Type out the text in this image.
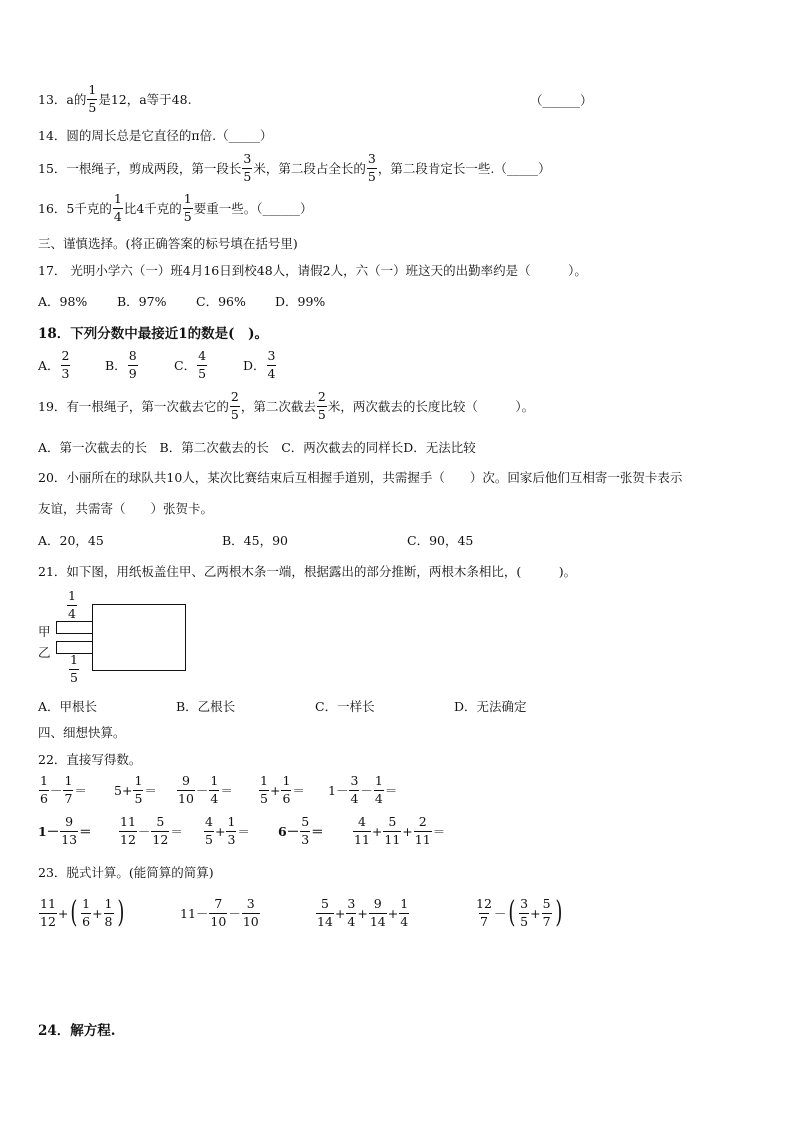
13． a的 $\frac{1}{5}$ 是12，a等于48.	（______）
14．圆的周长总是它直径的π倍.（_____）
15．一根绳子，剪成两段，第一段长 $\frac{3}{5}$ 米，第二段占全长的 $\frac{3}{5}$ ，第二段肯定长一些.（_____）
16．5千克的 $\frac{1}{4}$ 比4千克的 $\frac{1}{5}$ 要重一些。（______）
三、谨慎选择。(将正确答案的标号填在括号里)
17． 光明小学六（一）班4月16日到校48人，请假2人，六（一）班这天的出勤率约是（　　　）。
A．98% B．97% C．96% D．99%
18．下列分数中最接近1的数是(　)。
A． $\frac{2}{3}$	B． $\frac{8}{9}$	C． $\frac{4}{5}$	D． $\frac{3}{4}$
19．有一根绳子，第一次截去它的 $\frac{2}{5}$ ，第二次截去 $\frac{2}{5}$ 米，两次截去的长度比较（　　　）。
A．第一次截去的长　B．第二次截去的长　C．两次截去的同样长D．无法比较
20．小丽所在的球队共10人，某次比赛结束后互相握手道别，共需握手（　　）次。回家后他们互相寄一张贺卡表示
友谊，共需寄（　　）张贺卡。
A．20，45	B．45，90	C．90，45
21．如下图，用纸板盖住甲、乙两根木条一端，根据露出的部分推断，两根木条相比，(　　　)。
$\frac{1}{4}$
甲
乙
$\frac{1}{5}$
A．甲根长	B．乙根长	C．一样长	D．无法确定
四、细想快算。
22．直接写得数。
$\frac{1}{6} - \frac{1}{7} = 5+ \frac{1}{5} = \frac{9}{10} - \frac{1}{4} = \frac{1}{5} + \frac{1}{6} = 1- \frac{3}{4} - \frac{1}{4}$ ＝
$1- \frac{9}{13} = \frac{11}{12} - \frac{5}{12} = \frac{4}{5} + \frac{1}{3} = 6- \frac{5}{3} = \frac{4}{11} + \frac{5}{11} + \frac{2}{11}$ ＝
23．脱式计算。(能简算的简算)
$\frac{11}{12}$ + ( $\frac{1}{6} + \frac{1}{8}$ )	$11- \frac{7}{10} - \frac{3}{10}$	$\frac{5}{14} + \frac{3}{4} + \frac{9}{14} + \frac{1}{4}$	$\frac{12}{7}$ － ( $\frac{3}{5} + \frac{5}{7}$ )
24．解方程.
